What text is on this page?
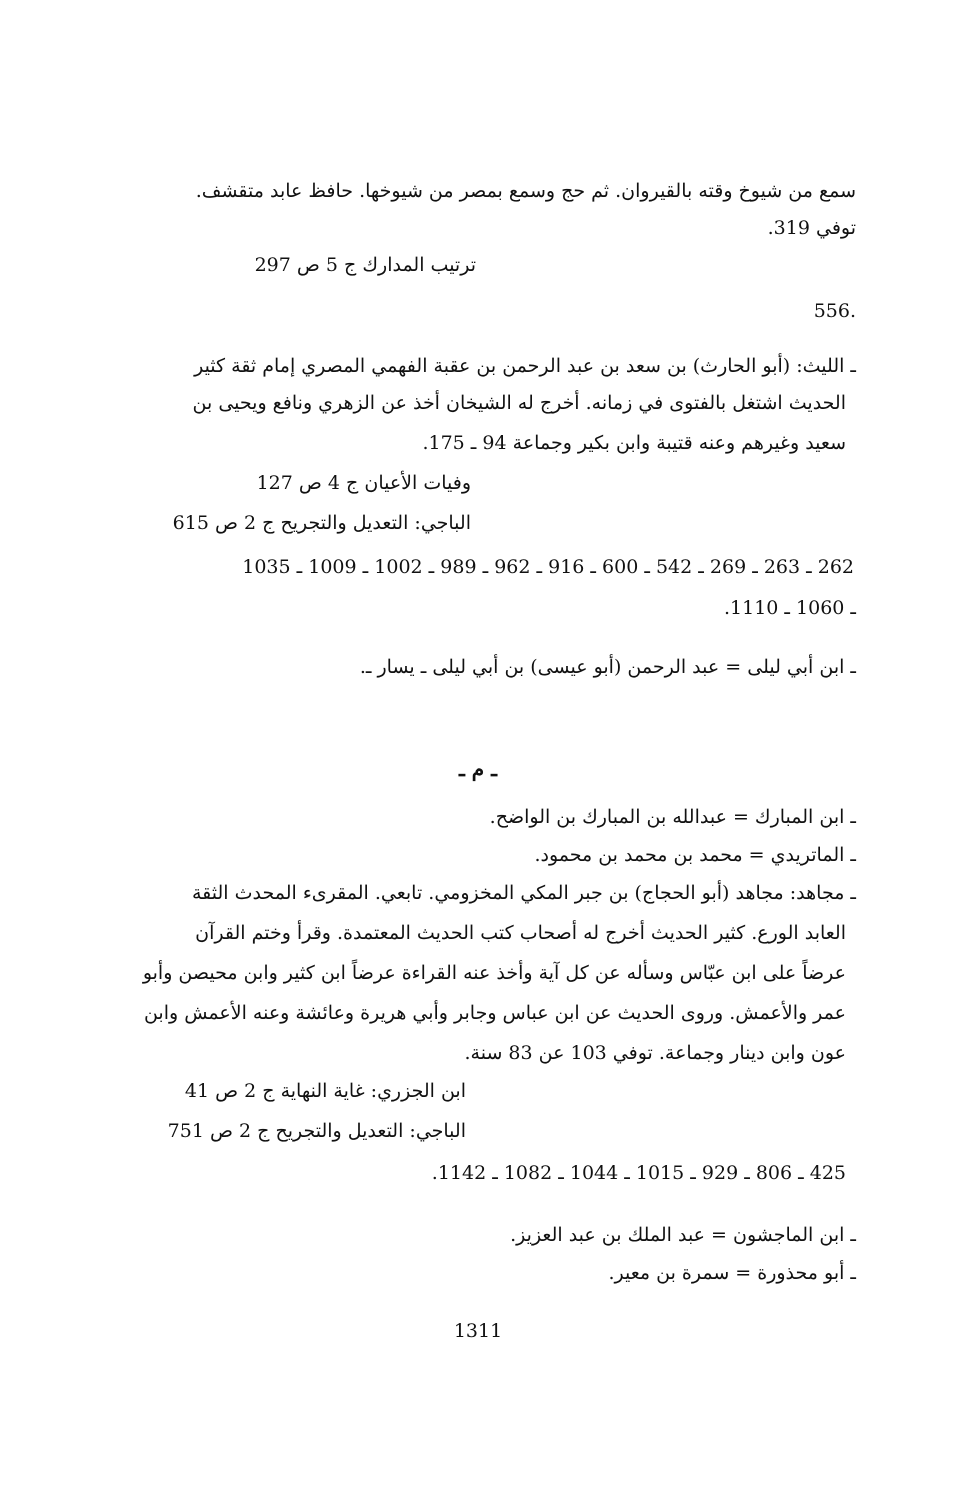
سمع من شيوخ وقته بالقيروان. ثم حج وسمع بمصر من شيوخها. حافظ عابد متقشف.
توفي 319.
ترتيب المدارك ج 5 ص 297
.556
ـ الليث: (أبو الحارث) بن سعد بن عبد الرحمن بن عقبة الفهمي المصري إمام ثقة كثير
الحديث اشتغل بالفتوى في زمانه. أخرج له الشيخان أخذ عن الزهري ونافع ويحيى بن
سعيد وغيرهم وعنه قتيبة وابن بكير وجماعة 94 ـ 175.
وفيات الأعيان ج 4 ص 127
الباجي: التعديل والتجريح ج 2 ص 615
262 ـ 263 ـ 269 ـ 542 ـ 600 ـ 916 ـ 962 ـ 989 ـ 1002 ـ 1009 ـ 1035
ـ 1060 ـ 1110.
ـ ابن أبي ليلى = عبد الرحمن (أبو عيسى) بن أبي ليلى ـ يسار ـ.
ـ م ـ
ـ ابن المبارك = عبدالله بن المبارك بن الواضح.
ـ الماتريدي = محمد بن محمد بن محمود.
ـ مجاهد: مجاهد (أبو الحجاج) بن جبر المكي المخزومي. تابعي. المقرىء المحدث الثقة
العابد الورع. كثير الحديث أخرج له أصحاب كتب الحديث المعتمدة. وقرأ وختم القرآن
عرضاً على ابن عبّاس وسأله عن كل آية وأخذ عنه القراءة عرضاً ابن كثير وابن محيصن وأبو
عمر والأعمش. وروى الحديث عن ابن عباس وجابر وأبي هريرة وعائشة وعنه الأعمش وابن
عون وابن دينار وجماعة. توفي 103 عن 83 سنة.
ابن الجزري: غاية النهاية ج 2 ص 41
الباجي: التعديل والتجريح ج 2 ص 751
425 ـ 806 ـ 929 ـ 1015 ـ 1044 ـ 1082 ـ 1142.
ـ ابن الماجشون = عبد الملك بن عبد العزيز.
ـ أبو محذورة = سمرة بن معير.
1311
